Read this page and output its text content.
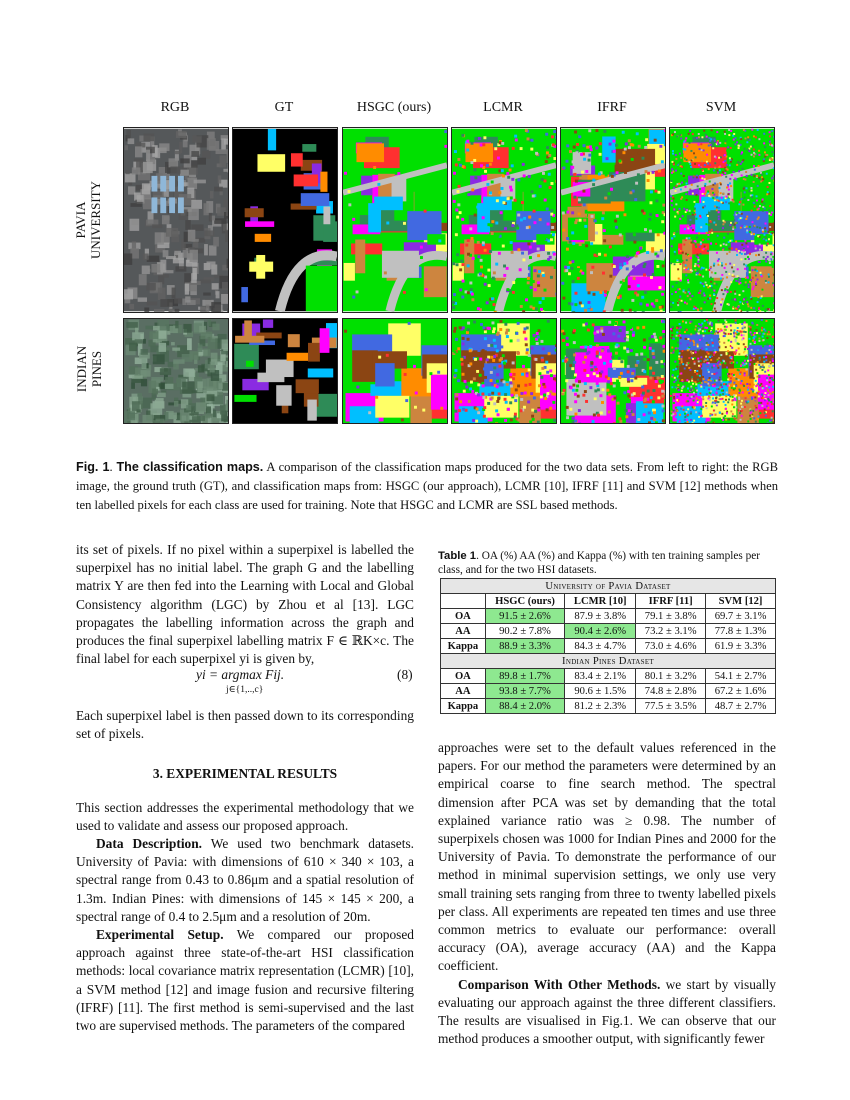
RGB	GT	HSGC (ours)	LCMR	IFRF	SVM
PAVIA UNIVERSITY
INDIAN PINES
Fig. 1. The classification maps. A comparison of the classification maps produced for the two data sets. From left to right: the RGB image, the ground truth (GT), and classification maps from: HSGC (our approach), LCMR [10], IFRF [11] and SVM [12] methods when ten labelled pixels for each class are used for training. Note that HSGC and LCMR are SSL based methods.

its set of pixels. If no pixel within a superpixel is labelled the superpixel has no initial label. The graph G and the labelling matrix Y are then fed into the Learning with Local and Global Consistency algorithm (LGC) by Zhou et al [13]. LGC propagates the labelling information across the graph and produces the final superpixel labelling matrix F ∈ ℝK×c. The final label for each superpixel yi is given by,

yi = argmax Fij.
j∈{1,..,c}
(8)

Each superpixel label is then passed down to its corresponding set of pixels.

3. EXPERIMENTAL RESULTS

This section addresses the experimental methodology that we used to validate and assess our proposed approach.

Data Description. We used two benchmark datasets. University of Pavia: with dimensions of 610 × 340 × 103, a spectral range from 0.43 to 0.86μm and a spatial resolution of 1.3m. Indian Pines: with dimensions of 145 × 145 × 200, a spectral range of 0.4 to 2.5μm and a resolution of 20m.

Experimental Setup. We compared our proposed approach against three state-of-the-art HSI classification methods: local covariance matrix representation (LCMR) [10], a SVM method [12] and image fusion and recursive filtering (IFRF) [11]. The first method is semi-supervised and the last two are supervised methods. The parameters of the compared

Table 1. OA (%) AA (%) and Kappa (%) with ten training samples per class, and for the two HSI datasets.
University of Pavia Dataset				
	HSGC (ours)	LCMR [10]	IFRF [11]	SVM [12]
OA	91.5 ± 2.6%	87.9 ± 3.8%	79.1 ± 3.8%	69.7 ± 3.1%
AA	90.2 ± 7.8%	90.4 ± 2.6%	73.2 ± 3.1%	77.8 ± 1.3%
Kappa	88.9 ± 3.3%	84.3 ± 4.7%	73.0 ± 4.6%	61.9 ± 3.3%
Indian Pines Dataset				
OA	89.8 ± 1.7%	83.4 ± 2.1%	80.1 ± 3.2%	54.1 ± 2.7%
AA	93.8 ± 7.7%	90.6 ± 1.5%	74.8 ± 2.8%	67.2 ± 1.6%
Kappa	88.4 ± 2.0%	81.2 ± 2.3%	77.5 ± 3.5%	48.7 ± 2.7%

approaches were set to the default values referenced in the papers. For our method the parameters were determined by an empirical coarse to fine search method. The spectral dimension after PCA was set by demanding that the total explained variance ratio was ≥ 0.98. The number of superpixels chosen was 1000 for Indian Pines and 2000 for the University of Pavia. To demonstrate the performance of our method in minimal supervision settings, we only use very small training sets ranging from three to twenty labelled pixels per class. All experiments are repeated ten times and use three common metrics to evaluate our performance: overall accuracy (OA), average accuracy (AA) and the Kappa coefficient.

Comparison With Other Methods. we start by visually evaluating our approach against the three different classifiers. The results are visualised in Fig.1. We can observe that our method produces a smoother output, with significantly fewer
